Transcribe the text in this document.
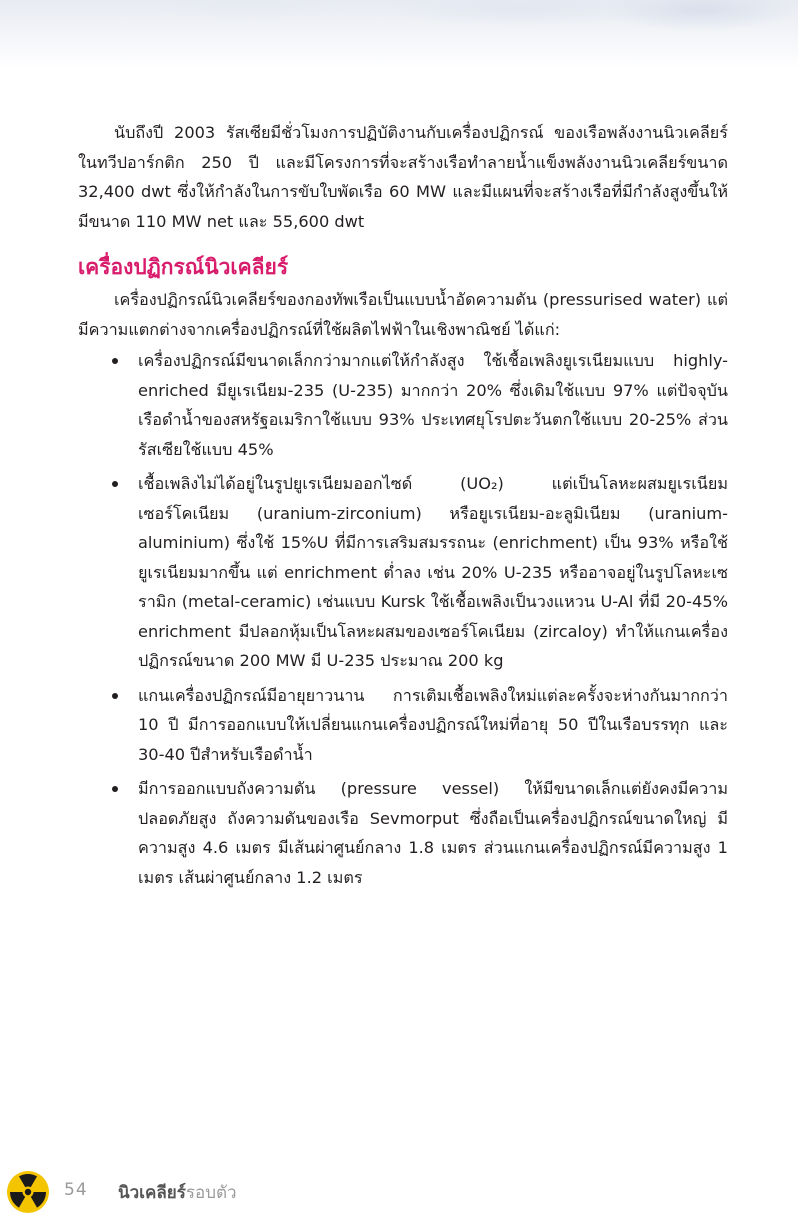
นับถึงปี 2003 รัสเซียมีชั่วโมงการปฏิบัติงานกับเครื่องปฏิกรณ์ ของเรือพลังงานนิวเคลียร์ในทวีปอาร์กติก 250 ปี และมีโครงการที่จะสร้างเรือทำลายน้ำแข็งพลังงานนิวเคลียร์ขนาด 32,400 dwt ซึ่งให้กำลังในการขับใบพัดเรือ 60 MW และมีแผนที่จะสร้างเรือที่มีกำลังสูงขึ้นให้มีขนาด 110 MW net และ 55,600 dwt

เครื่องปฏิกรณ์นิวเคลียร์

เครื่องปฏิกรณ์นิวเคลียร์ของกองทัพเรือเป็นแบบน้ำอัดความดัน (pressurised water) แต่มีความแตกต่างจากเครื่องปฏิกรณ์ที่ใช้ผลิตไฟฟ้าในเชิงพาณิชย์ ได้แก่:

เครื่องปฏิกรณ์มีขนาดเล็กกว่ามากแต่ให้กำลังสูง ใช้เชื้อเพลิงยูเรเนียมแบบ highly-enriched มียูเรเนียม-235 (U-235) มากกว่า 20% ซึ่งเดิมใช้แบบ 97% แต่ปัจจุบันเรือดำน้ำของสหรัฐอเมริกาใช้แบบ 93% ประเทศยุโรปตะวันตกใช้แบบ 20-25% ส่วนรัสเซียใช้แบบ 45%
เชื้อเพลิงไม่ได้อยู่ในรูปยูเรเนียมออกไซด์ (UO₂) แต่เป็นโลหะผสมยูเรเนียมเซอร์โคเนียม (uranium-zirconium) หรือยูเรเนียม-อะลูมิเนียม (uranium-aluminium) ซึ่งใช้ 15%U ที่มีการเสริมสมรรถนะ (enrichment) เป็น 93% หรือใช้ยูเรเนียมมากขึ้น แต่ enrichment ต่ำลง เช่น 20% U-235 หรืออาจอยู่ในรูปโลหะเซรามิก (metal-ceramic) เช่นแบบ Kursk ใช้เชื้อเพลิงเป็นวงแหวน U-Al ที่มี 20-45% enrichment มีปลอกหุ้มเป็นโลหะผสมของเซอร์โคเนียม (zircaloy) ทำให้แกนเครื่องปฏิกรณ์ขนาด 200 MW มี U-235 ประมาณ 200 kg
แกนเครื่องปฏิกรณ์มีอายุยาวนาน การเติมเชื้อเพลิงใหม่แต่ละครั้งจะห่างกันมากกว่า 10 ปี มีการออกแบบให้เปลี่ยนแกนเครื่องปฏิกรณ์ใหม่ที่อายุ 50 ปีในเรือบรรทุก และ 30-40 ปีสำหรับเรือดำน้ำ
มีการออกแบบถังความดัน (pressure vessel) ให้มีขนาดเล็กแต่ยังคงมีความปลอดภัยสูง ถังความดันของเรือ Sevmorput ซึ่งถือเป็นเครื่องปฏิกรณ์ขนาดใหญ่ มีความสูง 4.6 เมตร มีเส้นผ่าศูนย์กลาง 1.8 เมตร ส่วนแกนเครื่องปฏิกรณ์มีความสูง 1 เมตร เส้นผ่าศูนย์กลาง 1.2 เมตร
54 นิวเคลียร์รอบตัว
